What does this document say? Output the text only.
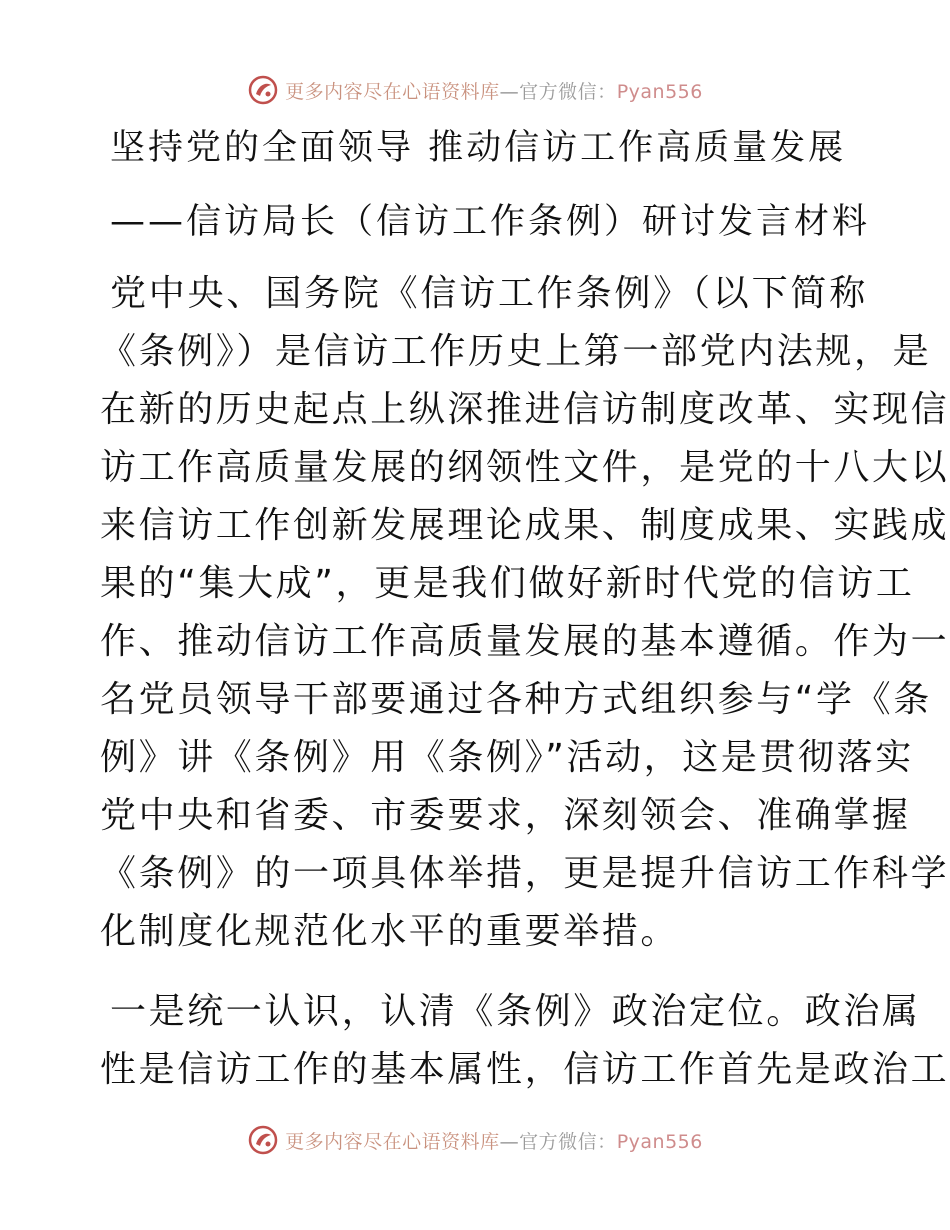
更多内容尽在心语资料库—官方微信：Pyan556
坚持党的全面领导 推动信访工作高质量发展
——信访局长（信访工作条例）研讨发言材料
党中央、国务院《信访工作条例》（以下简称
《条例》）是信访工作历史上第一部党内法规，是
在新的历史起点上纵深推进信访制度改革、实现信
访工作高质量发展的纲领性文件，是党的十八大以
来信访工作创新发展理论成果、制度成果、实践成
果的“集大成”，更是我们做好新时代党的信访工
作、推动信访工作高质量发展的基本遵循。作为一
名党员领导干部要通过各种方式组织参与“学《条
例》讲《条例》用《条例》”活动，这是贯彻落实
党中央和省委、市委要求，深刻领会、准确掌握
《条例》的一项具体举措，更是提升信访工作科学
化制度化规范化水平的重要举措。
一是统一认识，认清《条例》政治定位。政治属
性是信访工作的基本属性，信访工作首先是政治工
更多内容尽在心语资料库—官方微信：Pyan556
